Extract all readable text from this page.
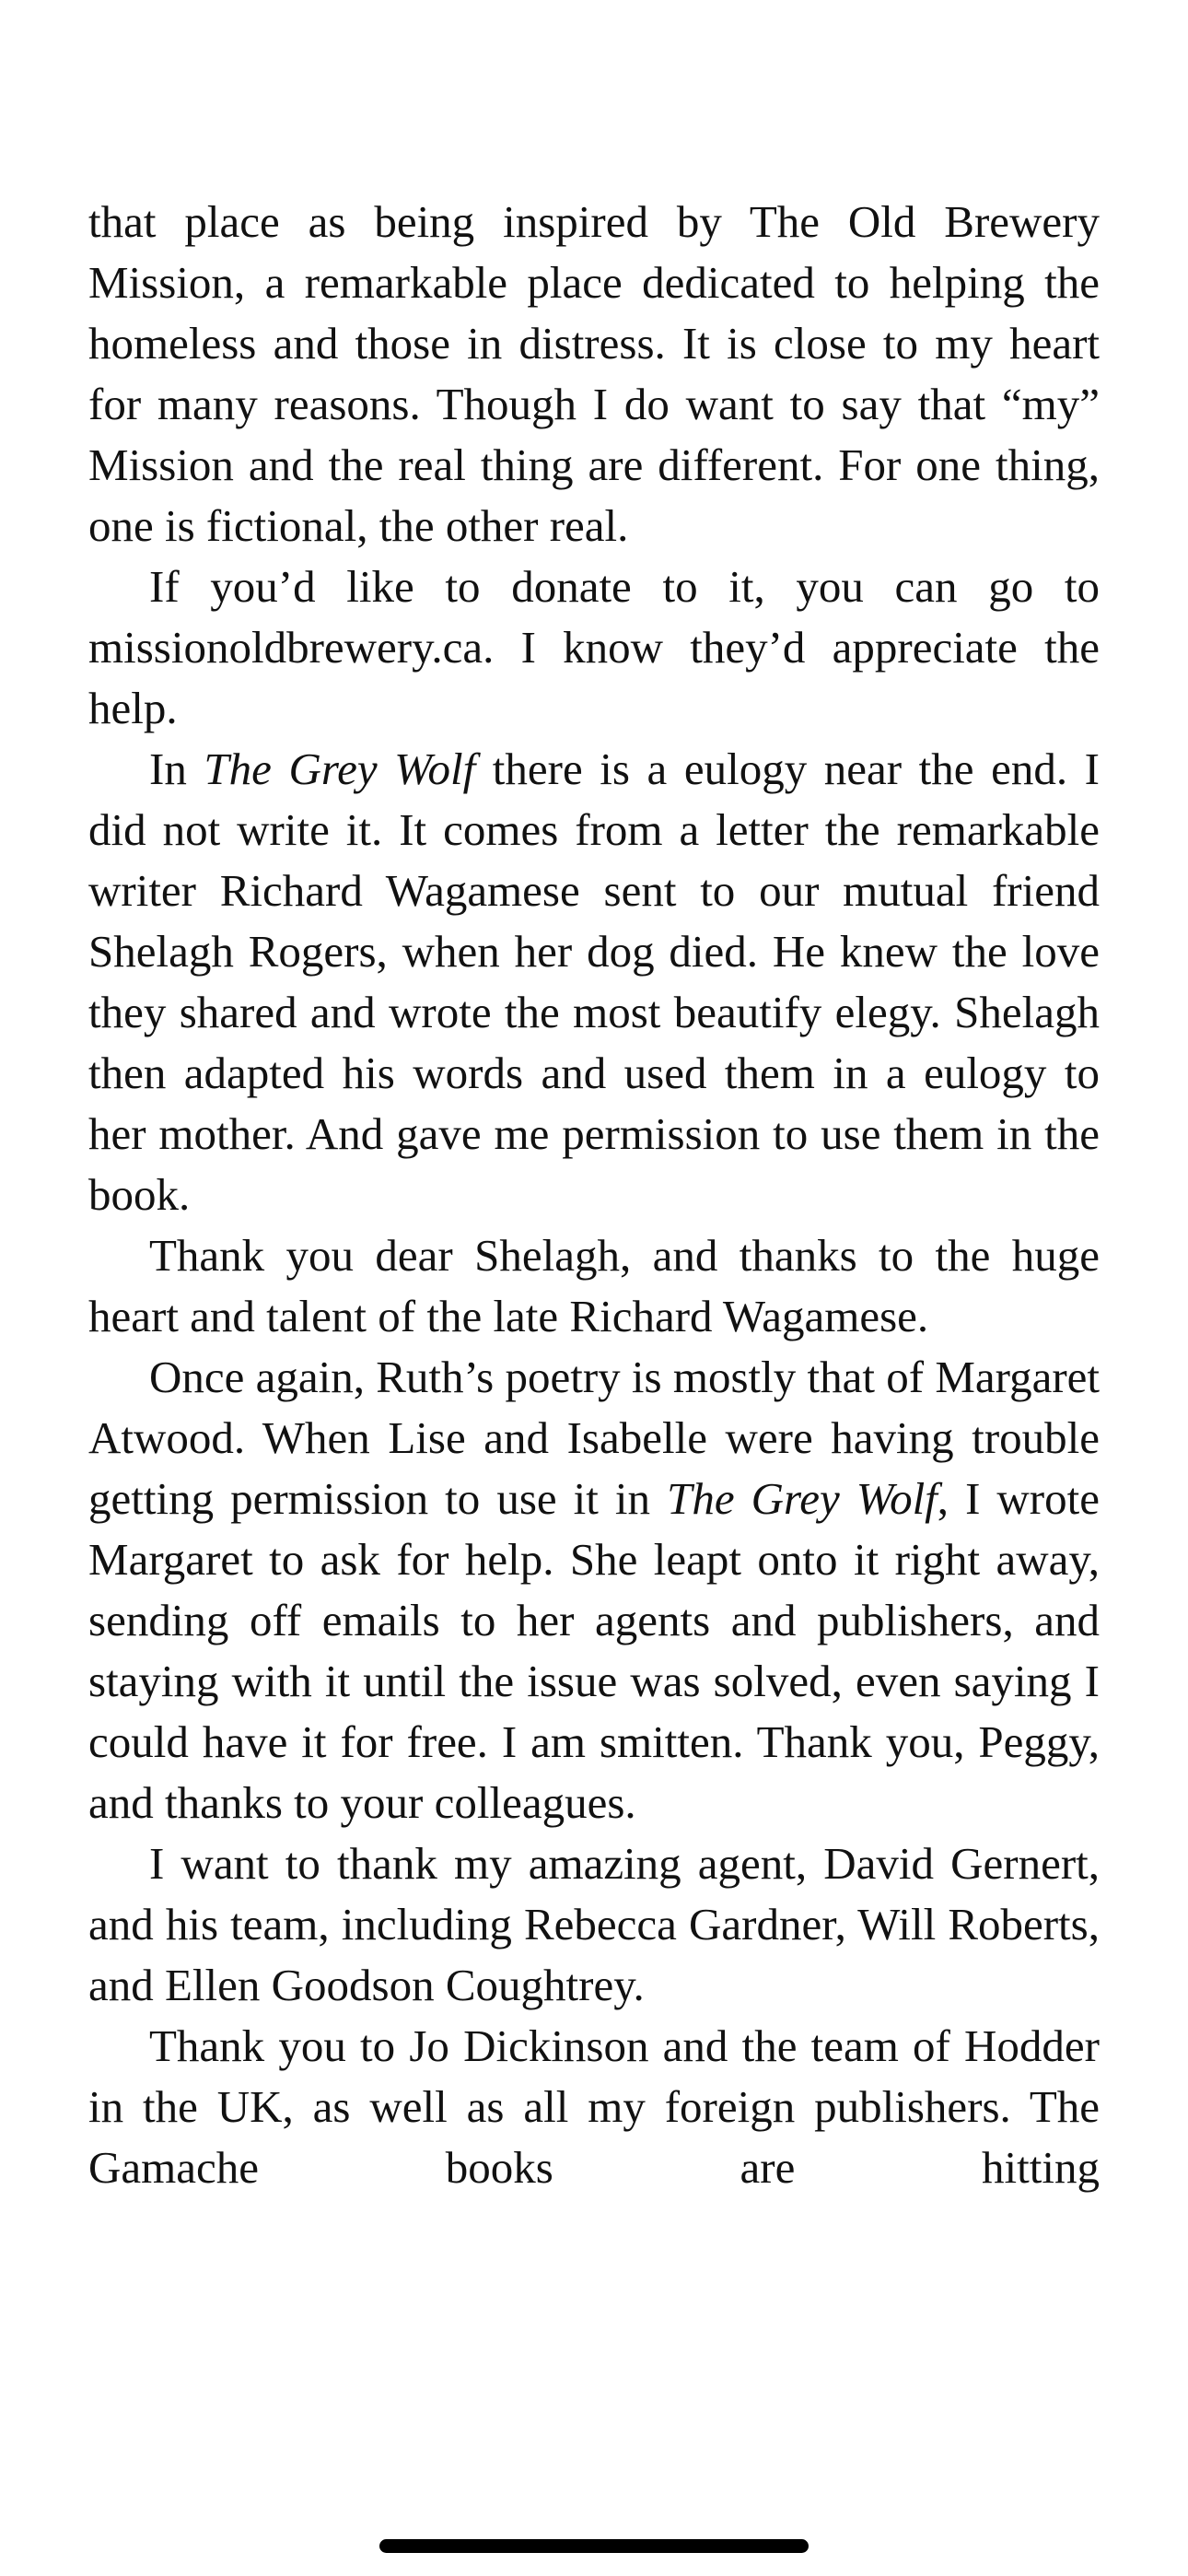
that place as being inspired by The Old Brewery Mission, a remarkable place dedicated to helping the homeless and those in distress. It is close to my heart for many reasons. Though I do want to say that “my” Mission and the real thing are different. For one thing, one is fictional, the other real.

If you’d like to donate to it, you can go to missionoldbrewery.ca. I know they’d appreciate the help.

In The Grey Wolf there is a eulogy near the end. I did not write it. It comes from a letter the remarkable writer Richard Wagamese sent to our mutual friend Shelagh Rogers, when her dog died. He knew the love they shared and wrote the most beautify elegy. Shelagh then adapted his words and used them in a eulogy to her mother. And gave me permission to use them in the book.

Thank you dear Shelagh, and thanks to the huge heart and talent of the late Richard Wagamese.

Once again, Ruth’s poetry is mostly that of Margaret Atwood. When Lise and Isabelle were having trouble getting permission to use it in The Grey Wolf, I wrote Margaret to ask for help. She leapt onto it right away, sending off emails to her agents and publishers, and staying with it until the issue was solved, even saying I could have it for free. I am smitten. Thank you, Peggy, and thanks to your colleagues.

I want to thank my amazing agent, David Gernert, and his team, including Rebecca Gardner, Will Roberts, and Ellen Goodson Coughtrey.

Thank you to Jo Dickinson and the team of Hodder in the UK, as well as all my foreign publishers. The Gamache books are hitting
